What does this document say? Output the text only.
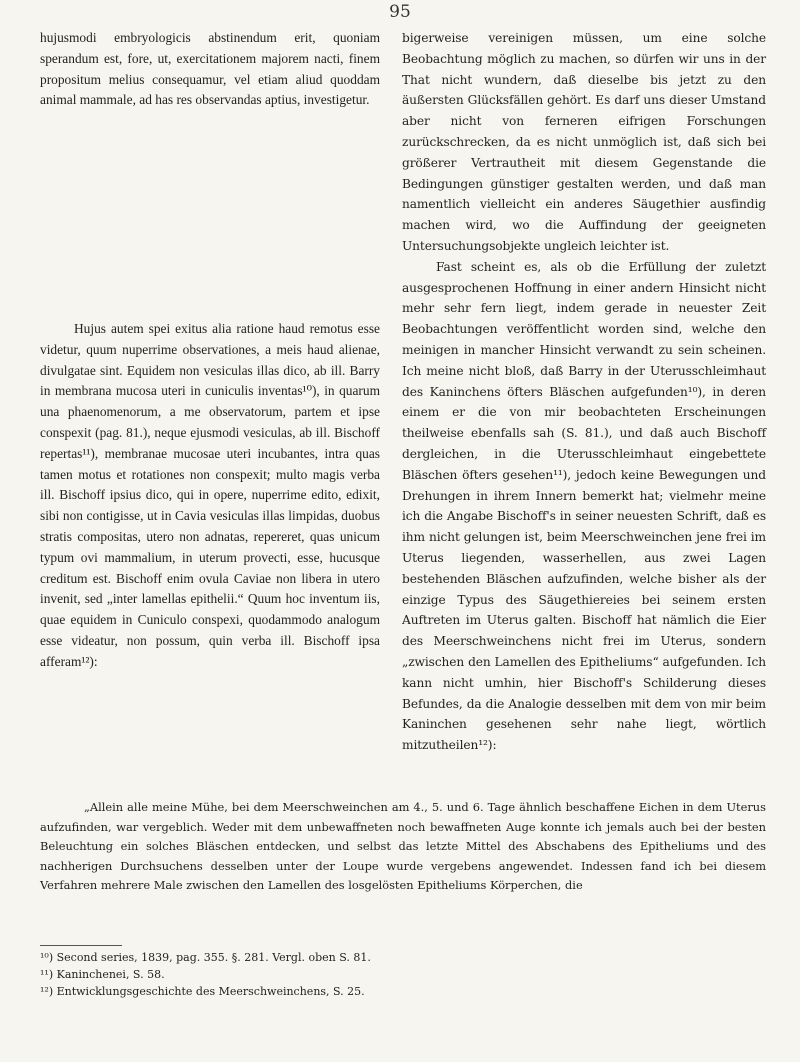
95

hujusmodi embryologicis abstinendum erit, quoniam sperandum est, fore, ut, exercitationem majorem nacti, finem propositum melius consequamur, vel etiam aliud quoddam animal mammale, ad has res observandas aptius, investigetur.

Hujus autem spei exitus alia ratione haud remotus esse videtur, quum nuperrime observationes, a meis haud alienae, divulgatae sint. Equidem non vesiculas illas dico, ab ill. Barry in membrana mucosa uteri in cuniculis inventas¹⁰), in quarum una phaenomenorum, a me observatorum, partem et ipse conspexit (pag. 81.), neque ejusmodi vesiculas, ab ill. Bischoff repertas¹¹), membranae mucosae uteri incubantes, intra quas tamen motus et rotationes non conspexit; multo magis verba ill. Bischoff ipsius dico, qui in opere, nuperrime edito, edixit, sibi non contigisse, ut in Cavia vesiculas illas limpidas, duobus stratis compositas, utero non adnatas, repereret, quas unicum typum ovi mammalium, in uterum provecti, esse, hucusque creditum est. Bischoff enim ovula Caviae non libera in utero invenit, sed „inter lamellas epithelii.“ Quum hoc inventum iis, quae equidem in Cuniculo conspexi, quodammodo analogum esse videatur, non possum, quin verba ill. Bischoff ipsa afferam¹²):

bigerweise vereinigen müssen, um eine solche Beobachtung möglich zu machen, so dürfen wir uns in der That nicht wundern, daß dieselbe bis jetzt zu den äußersten Glücksfällen gehört. Es darf uns dieser Umstand aber nicht von ferneren eifrigen Forschungen zurückschrecken, da es nicht unmöglich ist, daß sich bei größerer Vertrautheit mit diesem Gegenstande die Bedingungen günstiger gestalten werden, und daß man namentlich vielleicht ein anderes Säugethier ausfindig machen wird, wo die Auffindung der geeigneten Untersuchungsobjekte ungleich leichter ist.

Fast scheint es, als ob die Erfüllung der zuletzt ausgesprochenen Hoffnung in einer andern Hinsicht nicht mehr sehr fern liegt, indem gerade in neuester Zeit Beobachtungen veröffentlicht worden sind, welche den meinigen in mancher Hinsicht verwandt zu sein scheinen. Ich meine nicht bloß, daß Barry in der Uterusschleimhaut des Kaninchens öfters Bläschen aufgefunden¹⁰), in deren einem er die von mir beobachteten Erscheinungen theilweise ebenfalls sah (S. 81.), und daß auch Bischoff dergleichen, in die Uterusschleimhaut eingebettete Bläschen öfters gesehen¹¹), jedoch keine Bewegungen und Drehungen in ihrem Innern bemerkt hat; vielmehr meine ich die Angabe Bischoff's in seiner neuesten Schrift, daß es ihm nicht gelungen ist, beim Meerschweinchen jene frei im Uterus liegenden, wasserhellen, aus zwei Lagen bestehenden Bläschen aufzufinden, welche bisher als der einzige Typus des Säugethiereies bei seinem ersten Auftreten im Uterus galten. Bischoff hat nämlich die Eier des Meerschweinchens nicht frei im Uterus, sondern „zwischen den Lamellen des Epitheliums“ aufgefunden. Ich kann nicht umhin, hier Bischoff's Schilderung dieses Befundes, da die Analogie desselben mit dem von mir beim Kaninchen gesehenen sehr nahe liegt, wörtlich mitzutheilen¹²):

„Allein alle meine Mühe, bei dem Meerschweinchen am 4., 5. und 6. Tage ähnlich beschaffene Eichen in dem Uterus aufzufinden, war vergeblich. Weder mit dem unbewaffneten noch bewaffneten Auge konnte ich jemals auch bei der besten Beleuchtung ein solches Bläschen entdecken, und selbst das letzte Mittel des Abschabens des Epitheliums und des nachherigen Durchsuchens desselben unter der Loupe wurde vergebens angewendet. Indessen fand ich bei diesem Verfahren mehrere Male zwischen den Lamellen des losgelösten Epitheliums Körperchen, die
¹⁰) Second series, 1839, pag. 355. §. 281. Vergl. oben S. 81.
¹¹) Kaninchenei, S. 58.
¹²) Entwicklungsgeschichte des Meerschweinchens, S. 25.
